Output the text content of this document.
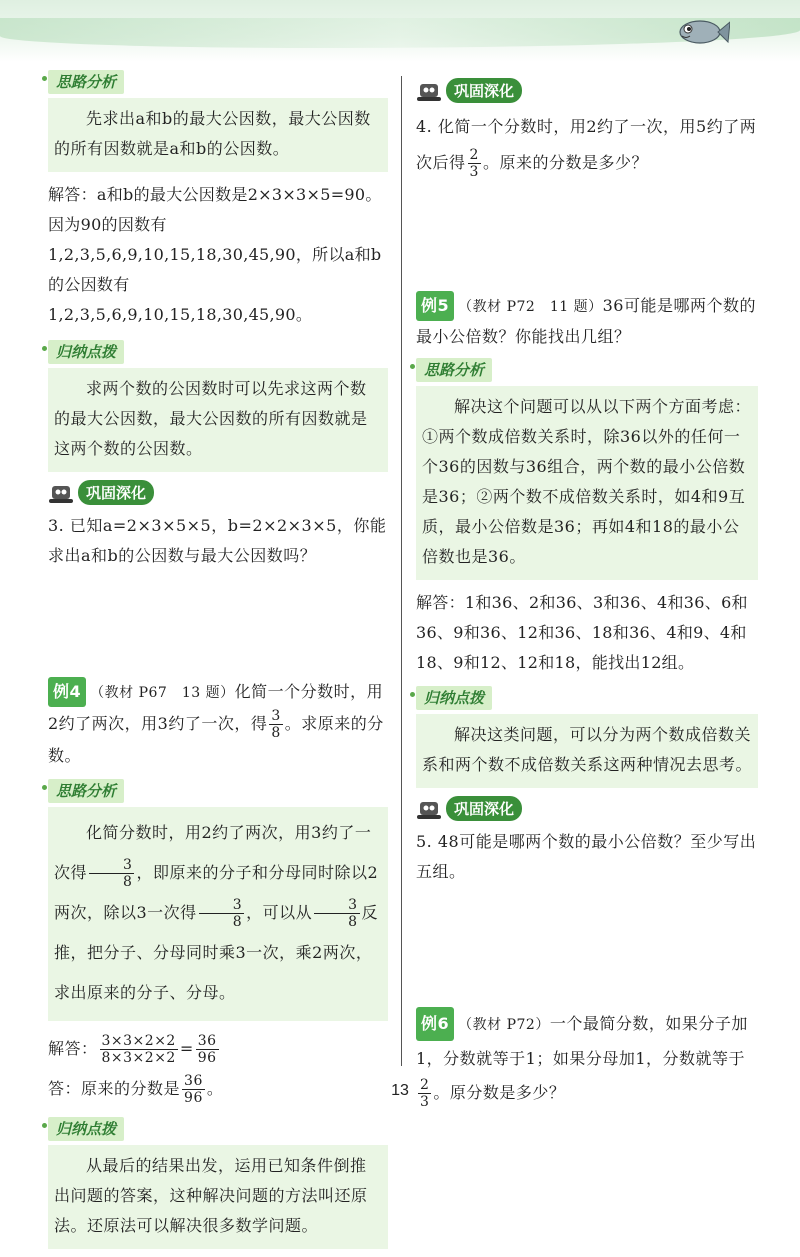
思路分析

先求出a和b的最大公因数，最大公因数的所有因数就是a和b的公因数。

解答：a和b的最大公因数是2×3×3×5=90。因为90的因数有1,2,3,5,6,9,10,15,18,30,45,90，所以a和b的公因数有1,2,3,5,6,9,10,15,18,30,45,90。

归纳点拨

求两个数的公因数时可以先求这两个数的最大公因数，最大公因数的所有因数就是这两个数的公因数。

巩固深化

3. 已知a=2×3×5×5，b=2×2×3×5，你能求出a和b的公因数与最大公因数吗？

例4 （教材 P67　13 题）化简一个分数时，用2约了两次，用3约了一次，得 $\frac{3}{8}$ 。求原来的分数。

思路分析

化简分数时，用2约了两次，用3约了一次得 $\frac{3}{8}$ ，即原来的分子和分母同时除以2两次，除以3一次得 $\frac{3}{8}$ ，可以从 $\frac{3}{8}$ 反推，把分子、分母同时乘3一次，乘2两次，求出原来的分子、分母。

解答： $\frac{3\times 3\times 2\times 2}{8\times 3\times 2\times 2} = \frac{36}{96}$

答：原来的分数是 $\frac{36}{96}$ 。

归纳点拨

从最后的结果出发，运用已知条件倒推出问题的答案，这种解决问题的方法叫还原法。还原法可以解决很多数学问题。

巩固深化

4. 化简一个分数时，用2约了一次，用5约了两次后得 $\frac{2}{3}$ 。原来的分数是多少？

例5 （教材 P72　11 题）36可能是哪两个数的最小公倍数？你能找出几组？

思路分析

解决这个问题可以从以下两个方面考虑：①两个数成倍数关系时，除36以外的任何一个36的因数与36组合，两个数的最小公倍数是36；②两个数不成倍数关系时，如4和9互质，最小公倍数是36；再如4和18的最小公倍数也是36。

解答：1和36、2和36、3和36、4和36、6和36、9和36、12和36、18和36、4和9、4和18、9和12、12和18，能找出12组。

归纳点拨

解决这类问题，可以分为两个数成倍数关系和两个数不成倍数关系这两种情况去思考。

巩固深化

5. 48可能是哪两个数的最小公倍数？至少写出五组。

例6 （教材 P72）一个最简分数，如果分子加1，分数就等于1；如果分母加1，分数就等于
$\frac{2}{3}$ 。原分数是多少？

13
